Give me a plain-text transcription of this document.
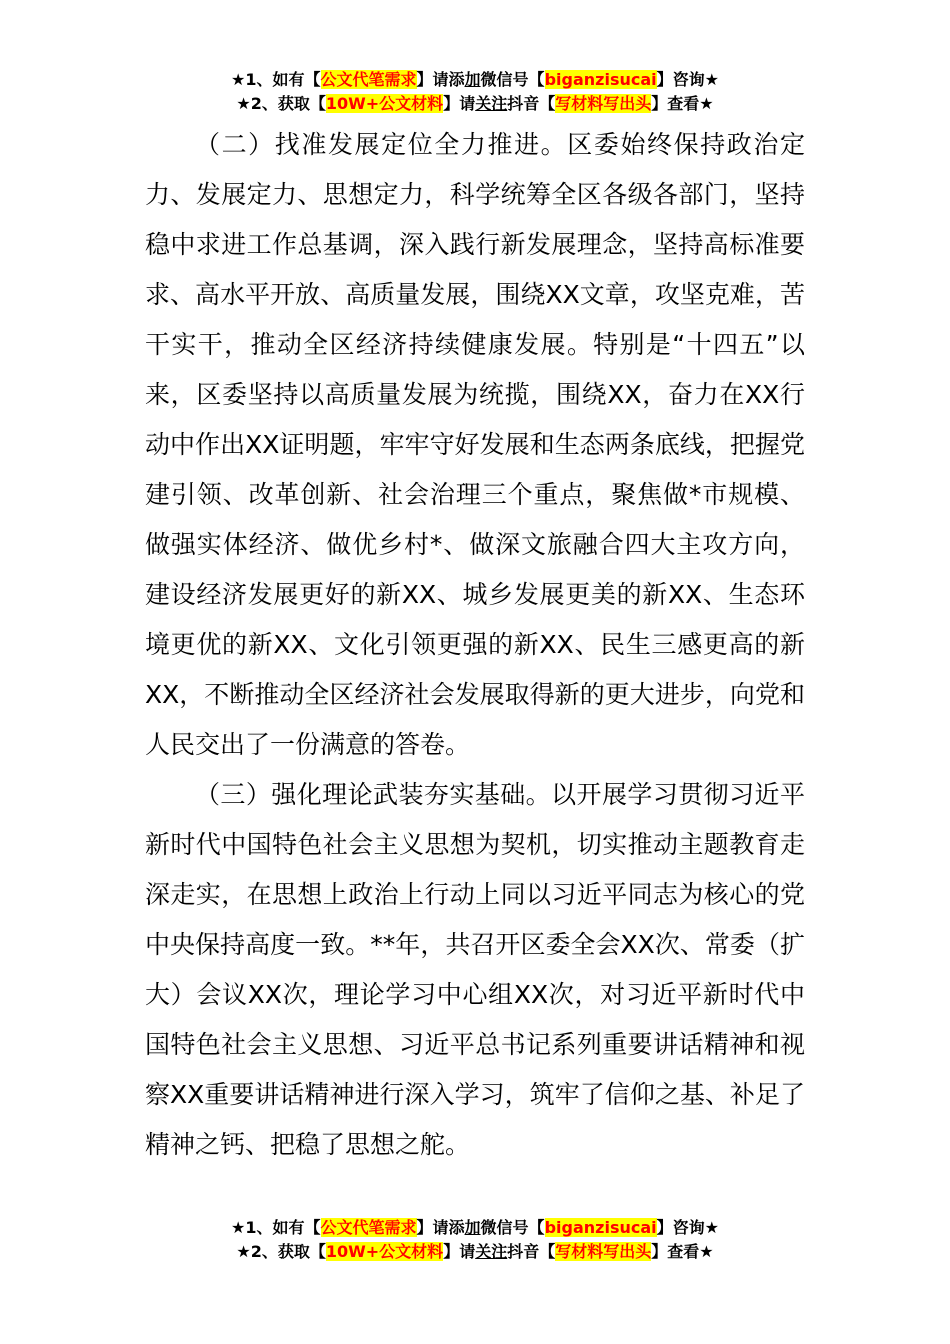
★1、如有【公文代笔需求】请添加微信号【biganzisucai】咨询★
★2、获取【10W+公文材料】请关注抖音【写材料写出头】查看★

（二）找准发展定位全力推进。区委始终保持政治定力、发展定力、思想定力，科学统筹全区各级各部门，坚持稳中求进工作总基调，深入践行新发展理念，坚持高标准要求、高水平开放、高质量发展，围绕XX文章，攻坚克难，苦干实干，推动全区经济持续健康发展。特别是“十四五”以来，区委坚持以高质量发展为统揽，围绕XX，奋力在XX行动中作出XX证明题，牢牢守好发展和生态两条底线，把握党建引领、改革创新、社会治理三个重点，聚焦做*市规模、做强实体经济、做优乡村*、做深文旅融合四大主攻方向，建设经济发展更好的新XX、城乡发展更美的新XX、生态环境更优的新XX、文化引领更强的新XX、民生三感更高的新XX，不断推动全区经济社会发展取得新的更大进步，向党和人民交出了一份满意的答卷。

（三）强化理论武装夯实基础。以开展学习贯彻习近平新时代中国特色社会主义思想为契机，切实推动主题教育走深走实，在思想上政治上行动上同以习近平同志为核心的党中央保持高度一致。**年，共召开区委全会XX次、常委（扩大）会议XX次，理论学习中心组XX次，对习近平新时代中国特色社会主义思想、习近平总书记系列重要讲话精神和视察XX重要讲话精神进行深入学习，筑牢了信仰之基、补足了精神之钙、把稳了思想之舵。

★1、如有【公文代笔需求】请添加微信号【biganzisucai】咨询★
★2、获取【10W+公文材料】请关注抖音【写材料写出头】查看★
